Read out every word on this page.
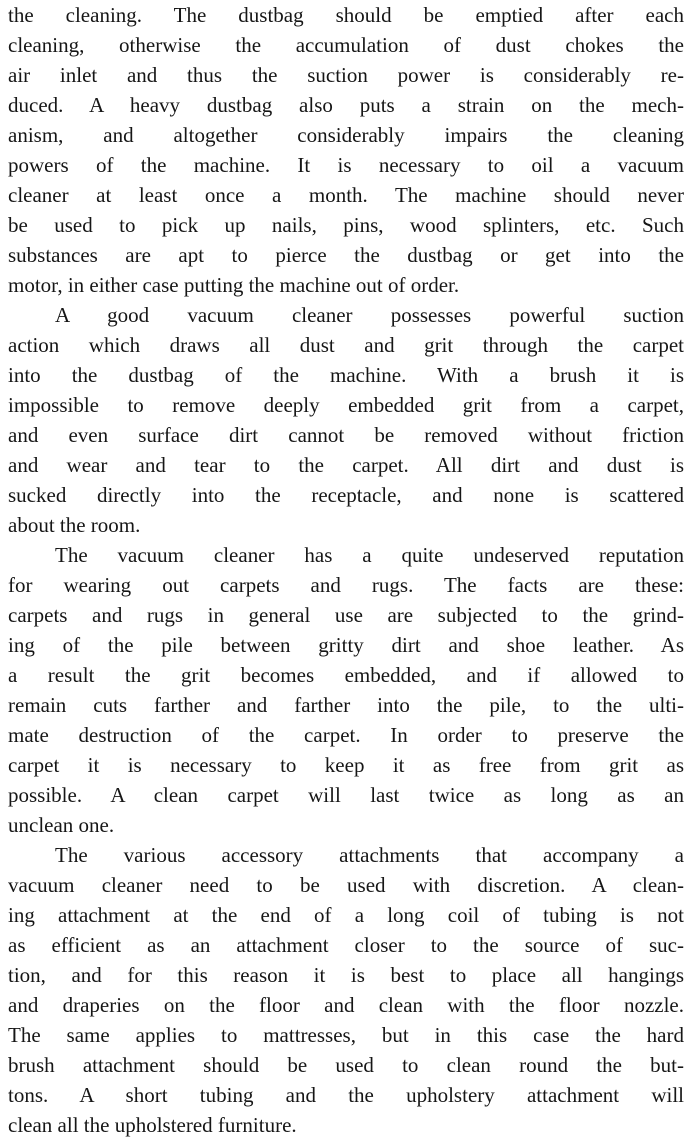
the cleaning. The dustbag should be emptied after each
cleaning, otherwise the accumulation of dust chokes the
air inlet and thus the suction power is considerably re-
duced. A heavy dustbag also puts a strain on the mech-
anism, and altogether considerably impairs the cleaning
powers of the machine. It is necessary to oil a vacuum
cleaner at least once a month. The machine should never
be used to pick up nails, pins, wood splinters, etc. Such
substances are apt to pierce the dustbag or get into the
motor, in either case putting the machine out of order.
A good vacuum cleaner possesses powerful suction
action which draws all dust and grit through the carpet
into the dustbag of the machine. With a brush it is
impossible to remove deeply embedded grit from a carpet,
and even surface dirt cannot be removed without friction
and wear and tear to the carpet. All dirt and dust is
sucked directly into the receptacle, and none is scattered
about the room.
The vacuum cleaner has a quite undeserved reputation
for wearing out carpets and rugs. The facts are these:
carpets and rugs in general use are subjected to the grind-
ing of the pile between gritty dirt and shoe leather. As
a result the grit becomes embedded, and if allowed to
remain cuts farther and farther into the pile, to the ulti-
mate destruction of the carpet. In order to preserve the
carpet it is necessary to keep it as free from grit as
possible. A clean carpet will last twice as long as an
unclean one.
The various accessory attachments that accompany a
vacuum cleaner need to be used with discretion. A clean-
ing attachment at the end of a long coil of tubing is not
as efficient as an attachment closer to the source of suc-
tion, and for this reason it is best to place all hangings
and draperies on the floor and clean with the floor nozzle.
The same applies to mattresses, but in this case the hard
brush attachment should be used to clean round the but-
tons. A short tubing and the upholstery attachment will
clean all the upholstered furniture.
